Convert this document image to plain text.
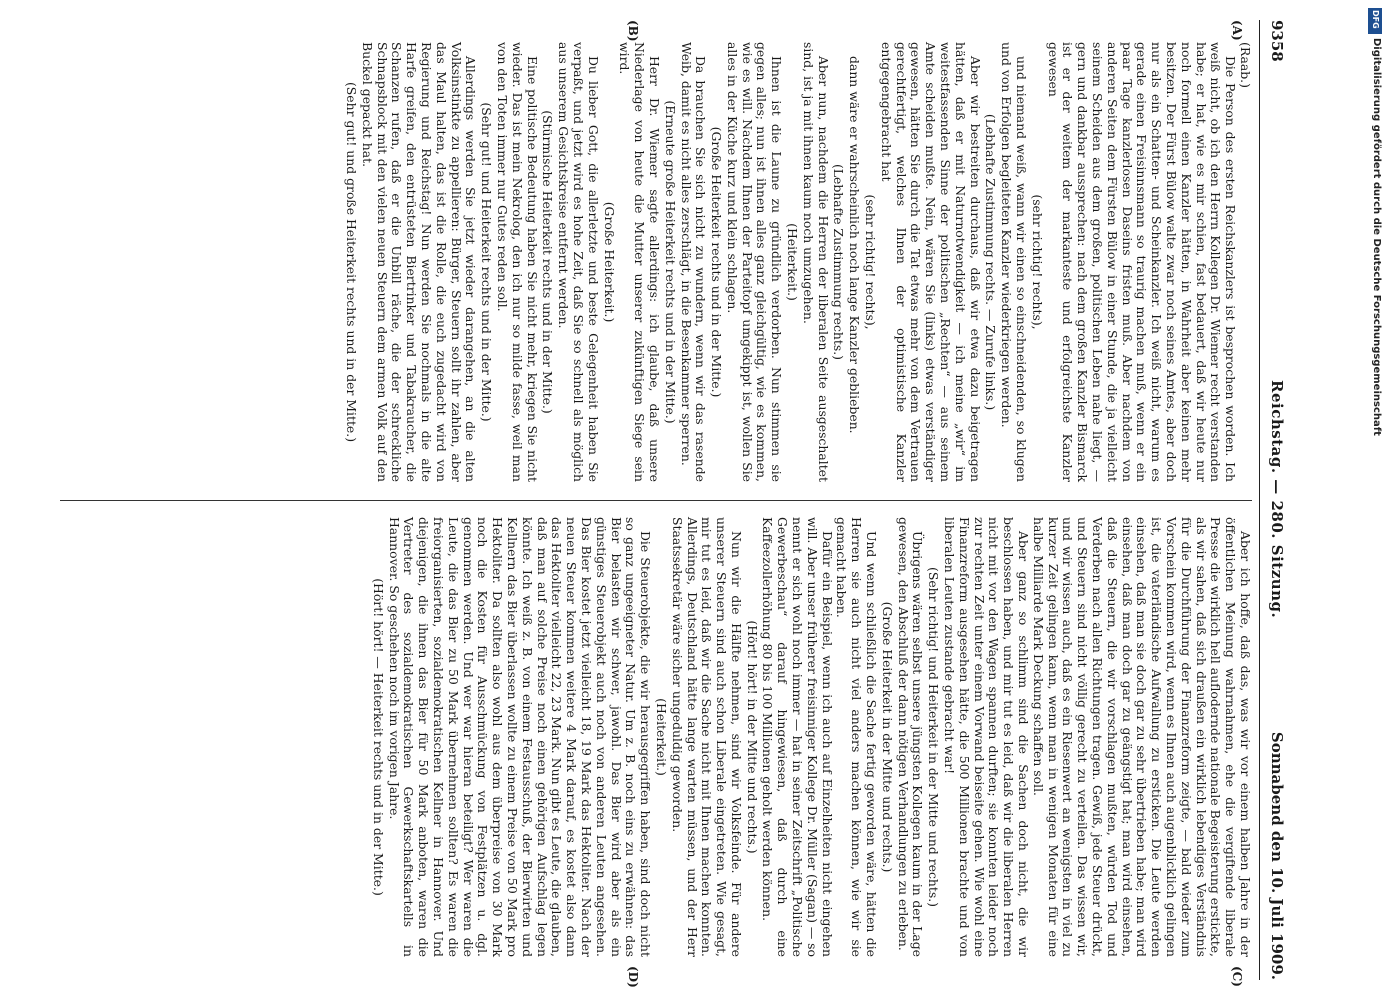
9358
Reichstag. — 280. Sitzung.
Sonnabend den 10. Juli 1909.
(A)
(B)
(C)
(D)

(Raab.)

Die Person des ersten Reichskanzlers ist besprochen worden. Ich weiß nicht, ob ich den Herrn Kollegen Dr. Wiemer recht verstanden habe; er hat, wie es mir schien, fast bedauert, daß wir heute nur noch formell einen Kanzler hätten, in Wahrheit aber keinen mehr besitzen. Der Fürst Bülow walte zwar noch seines Amtes, aber doch nur als ein Schatten- und Scheinkanzler. Ich weiß nicht, warum es gerade einen Freisinnsmann so traurig machen muß, wenn er ein paar Tage kanzlerlosen Daseins fristen muß. Aber nachdem von anderen Seiten dem Fürsten Bülow in einer Stunde, die ja vielleicht seinem Scheiden aus dem großen, politischen Leben nahe liegt, — gern und dankbar aussprechen: nach dem großen Kanzler Bismarck ist er der weitem der markanteste und erfolgreichste Kanzler gewesen

(sehr richtig! rechts),

und niemand weiß, wann wir einen so einschneidenden, so klugen und von Erfolgen begleiteten Kanzler wiederkriegen werden.

(Lebhafte Zustimmung rechts. — Zurufe links.)

Aber wir bestreiten durchaus, daß wir etwa dazu beigetragen hätten, daß er mit Naturnotwendigkeit — ich meine „wir“ im weitestfassenden Sinne der politischen „Rechten“ — aus seinem Amte scheiden mußte. Nein, wären Sie (links) etwas verständiger gewesen, hätten Sie durch die Tat etwas mehr von dem Vertrauen gerechtfertigt, welches Ihnen der optimistische Kanzler entgegengebracht hat

(sehr richtig! rechts),

dann wäre er wahrscheinlich noch lange Kanzler geblieben.

(Lebhafte Zustimmung rechts.)

Aber nun, nachdem die Herren der liberalen Seite ausgeschaltet sind, ist ja mit ihnen kaum noch umzugehen.

(Heiterkeit.)

Ihnen ist die Laune zu gründlich verdorben. Nun stimmen sie gegen alles; nun ist ihnen alles ganz gleichgültig, wie es kommen, wie es will. Nachdem Ihnen der Parteitopf umgekippt ist, wollen Sie alles in der Küche kurz und klein schlagen.

(Große Heiterkeit rechts und in der Mitte.)

Da brauchen Sie sich nicht zu wundern, wenn wir das rasende Weib, damit es nicht alles zerschlägt, in die Besenkammer sperren.

(Erneute große Heiterkeit rechts und in der Mitte.)

Herr Dr. Wiemer sagte allerdings: ich glaube, daß unsere Niederlage von heute die Mutter unserer zukünftigen Siege sein wird.

(Große Heiterkeit.)

Du lieber Gott, die allerletzte und beste Gelegenheit haben Sie verpaßt, und jetzt wird es hohe Zeit, daß Sie so schnell als möglich aus unserem Gesichtskreise entfernt werden.

(Stürmische Heiterkeit rechts und in der Mitte.)

Eine politische Bedeutung haben Sie nicht mehr, kriegen Sie nicht wieder. Das ist mein Nekrolog, den ich nur so milde fasse, weil man von den Toten immer nur Gutes reden soll.

(Sehr gut! und Heiterkeit rechts und in der Mitte.)

Allerdings werden Sie jetzt wieder darangehen, an die alten Volksinstinkte zu appellieren: Bürger, Steuern sollt ihr zahlen, aber das Maul halten, das ist die Rolle, die euch zugedacht wird von Regierung und Reichstag! Nun werden Sie nochmals in die alte Harfe greifen, den entrüsteten Biertrinker und Tabakraucher, die Schanzen rufen, daß er die Unbill räche, die der schreckliche Schnapsblock mit den vielen neuen Steuern dem armen Volk auf den Buckel gepackt hat.

(Sehr gut! und große Heiterkeit rechts und in der Mitte.)

Aber ich hoffe, daß das, was wir vor einem halben Jahre in der öffentlichen Meinung wahrnahmen, ehe die vergiftende liberale Presse die wirklich hell auflodernde nationale Begeisterung erstickte, als wir sahen, daß sich draußen ein wirklich lebendiges Verständnis für die Durchführung der Finanzreform zeigte, — bald wieder zum Vorschein kommen wird, wenn es Ihnen auch augenblicklich gelingen ist, die vaterländische Aufwallung zu ersticken. Die Leute werden einsehen, daß man sie doch gar zu sehr übertrieben habe; man wird einsehen, daß man doch gar zu geängstigt hat; man wird einsehen, daß die Steuern, die wir vorschlagen mußten, würden Tod und Verderben nach allen Richtungen tragen. Gewiß, jede Steuer drückt, und Steuern sind nicht völlig gerecht zu verteilen. Das wissen wir, und wir wissen auch, daß es ein Riesenwert an wenigsten in viel zu kurzer Zeit gelingen kann, wenn man in wenigen Monaten für eine halbe Milliarde Mark Deckung schaffen soll.

Aber ganz so schlimm sind die Sachen doch nicht, die wir beschlossen haben, und mir tut es leid, daß wir die liberalen Herren nicht mit vor den Wagen spannen durften; sie konnten leider noch zur rechten Zeit unter einem Vorwand beiseite gehen. Wie wohl eine Finanzreform ausgesehen hätte, die 500 Millionen brachte und von liberalen Leuten zustande gebracht war!

(Sehr richtig! und Heiterkeit in der Mitte und rechts.)

Übrigens wären selbst unsere jüngsten Kollegen kaum in der Lage gewesen, den Abschluß der dann nötigen Verhandlungen zu erleben.

(Große Heiterkeit in der Mitte und rechts.)

Und wenn schließlich die Sache fertig geworden wäre, hätten die Herren sie auch nicht viel anders machen können, wie wir sie gemacht haben.

Dafür ein Beispiel, wenn ich auch auf Einzelheiten nicht eingehen will. Aber unser früherer freisinniger Kollege Dr. Müller (Sagan) — so nennt er sich wohl noch immer — hat in seiner Zeitschrift „Politische Gewerbeschau“ darauf hingewiesen, daß durch eine Kaffeezollerhöhung 80 bis 100 Millionen geholt werden können.

(Hört! hört! in der Mitte und rechts.)

Nun wir die Hälfte nehmen, sind wir Volksfeinde. Für andere unserer Steuern sind auch schon Liberale eingetreten. Wie gesagt, mir tut es leid, daß wir die Sache nicht mit Ihnen machen konnten. Allerdings, Deutschland hätte lange warten müssen, und der Herr Staatssekretär wäre sicher ungeduldig geworden.

(Heiterkeit.)

Die Steuerobjekte, die wir herausgegriffen haben, sind doch nicht so ganz ungeeigneter Natur. Um z. B. noch eins zu erwähnen: das Bier belasten wir schwer, jawohl. Das Bier wird aber als ein günstiges Steuerobjekt auch noch von anderen Leuten angesehen. Das Bier kostet jetzt vielleicht 18, 19 Mark das Hektoliter. Nach der neuen Steuer kommen weitere 4 Mark darauf, es kostet also dann das Hektoliter vielleicht 22, 23 Mark. Nun gibt es Leute, die glauben, daß man auf solche Preise noch einen gehörigen Aufschlag legen könnte. Ich weiß z. B. von einem Festausschuß, der Bierwirten und Kellnern das Bier überlassen wollte zu einem Preise von 50 Mark pro Hektoliter. Da sollten also wohl aus dem überpreise von 30 Mark noch die Kosten für Ausschmückung von Festplätzen u. dgl. genommen werden. Und wer war hieran beteiligt? Wer waren die Leute, die das Bier zu 50 Mark übernehmen sollten? Es waren die freiorganisierten, sozialdemokratischen Kellner in Hannover. Und diejenigen, die ihnen das Bier für 50 Mark anboten, waren die Vertreter des sozialdemokratischen Gewerkschaftskartells in Hannover. So geschehen noch im vorigen Jahre.

(Hört! hört! — Heiterkeit rechts und in der Mitte.)

DFG
Digitalisierung gefördert durch die Deutsche Forschungsgemeinschaft
